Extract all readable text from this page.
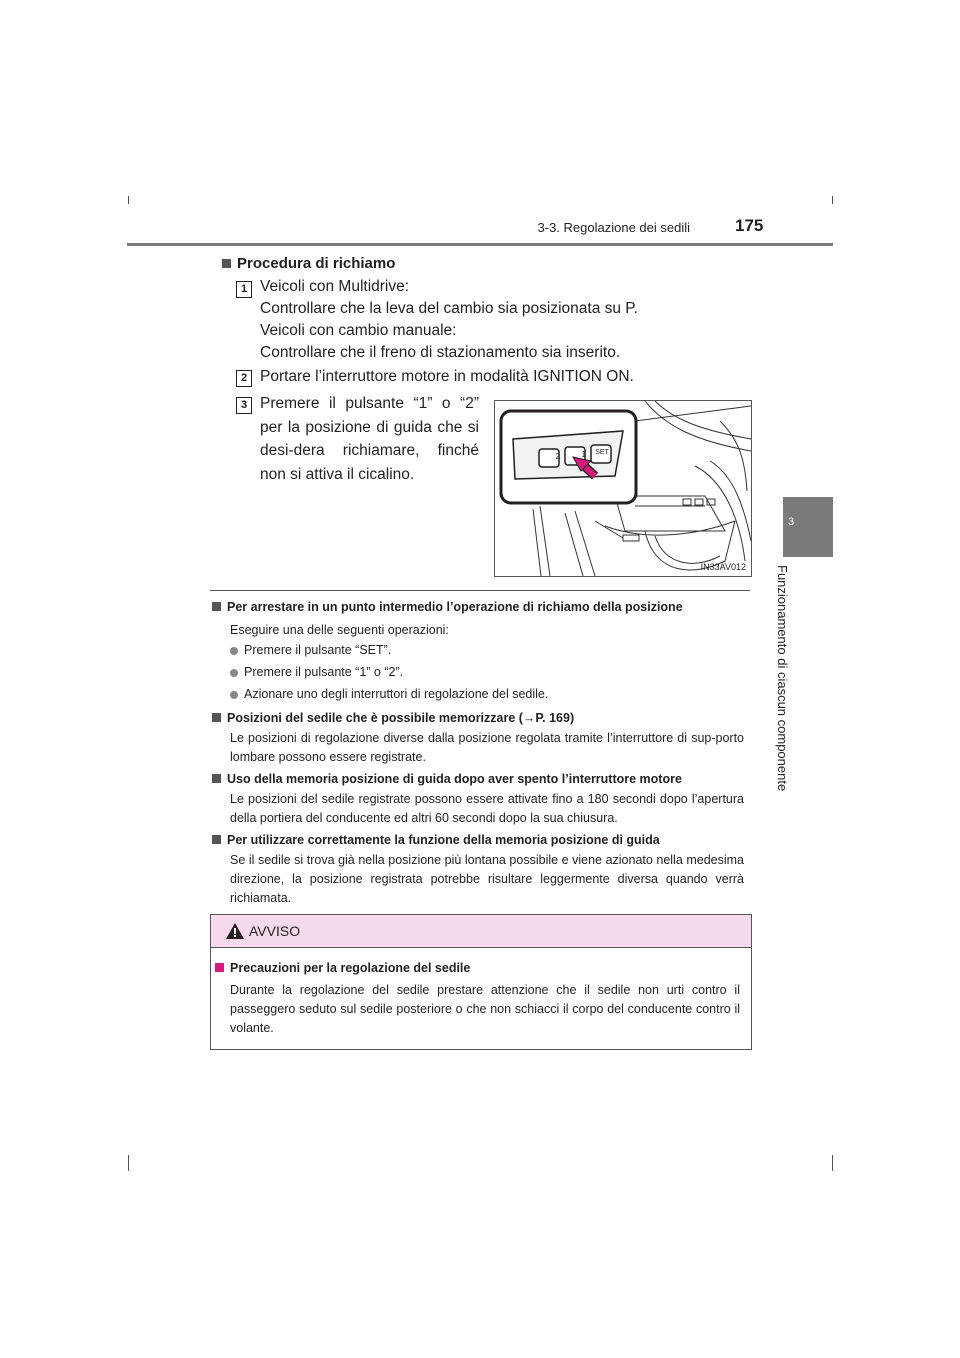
3-3. Regolazione dei sedili	175
3
Funzionamento di ciascun componente
Procedura di richiamo
1 Veicoli con Multidrive:
Controllare che la leva del cambio sia posizionata su P.
Veicoli con cambio manuale:
Controllare che il freno di stazionamento sia inserito.
2 Portare l’interruttore motore in modalità IGNITION ON.
3 Premere il pulsante “1” o “2” per la posizione di guida che si desi-dera richiamare, finché non si attiva il cicalino.
2	1	SET
IN33AV012
Per arrestare in un punto intermedio l’operazione di richiamo della posizione
Eseguire una delle seguenti operazioni:
Premere il pulsante “SET”.
Premere il pulsante “1” o “2”.
Azionare uno degli interruttori di regolazione del sedile.
Posizioni del sedile che è possibile memorizzare (→P. 169)
Le posizioni di regolazione diverse dalla posizione regolata tramite l’interruttore di sup-porto lombare possono essere registrate.
Uso della memoria posizione di guida dopo aver spento l’interruttore motore
Le posizioni del sedile registrate possono essere attivate fino a 180 secondi dopo l’apertura della portiera del conducente ed altri 60 secondi dopo la sua chiusura.
Per utilizzare correttamente la funzione della memoria posizione di guida
Se il sedile si trova già nella posizione più lontana possibile e viene azionato nella medesima direzione, la posizione registrata potrebbe risultare leggermente diversa quando verrà richiamata.
AVVISO
Precauzioni per la regolazione del sedile
Durante la regolazione del sedile prestare attenzione che il sedile non urti contro il passeggero seduto sul sedile posteriore o che non schiacci il corpo del conducente contro il volante.
